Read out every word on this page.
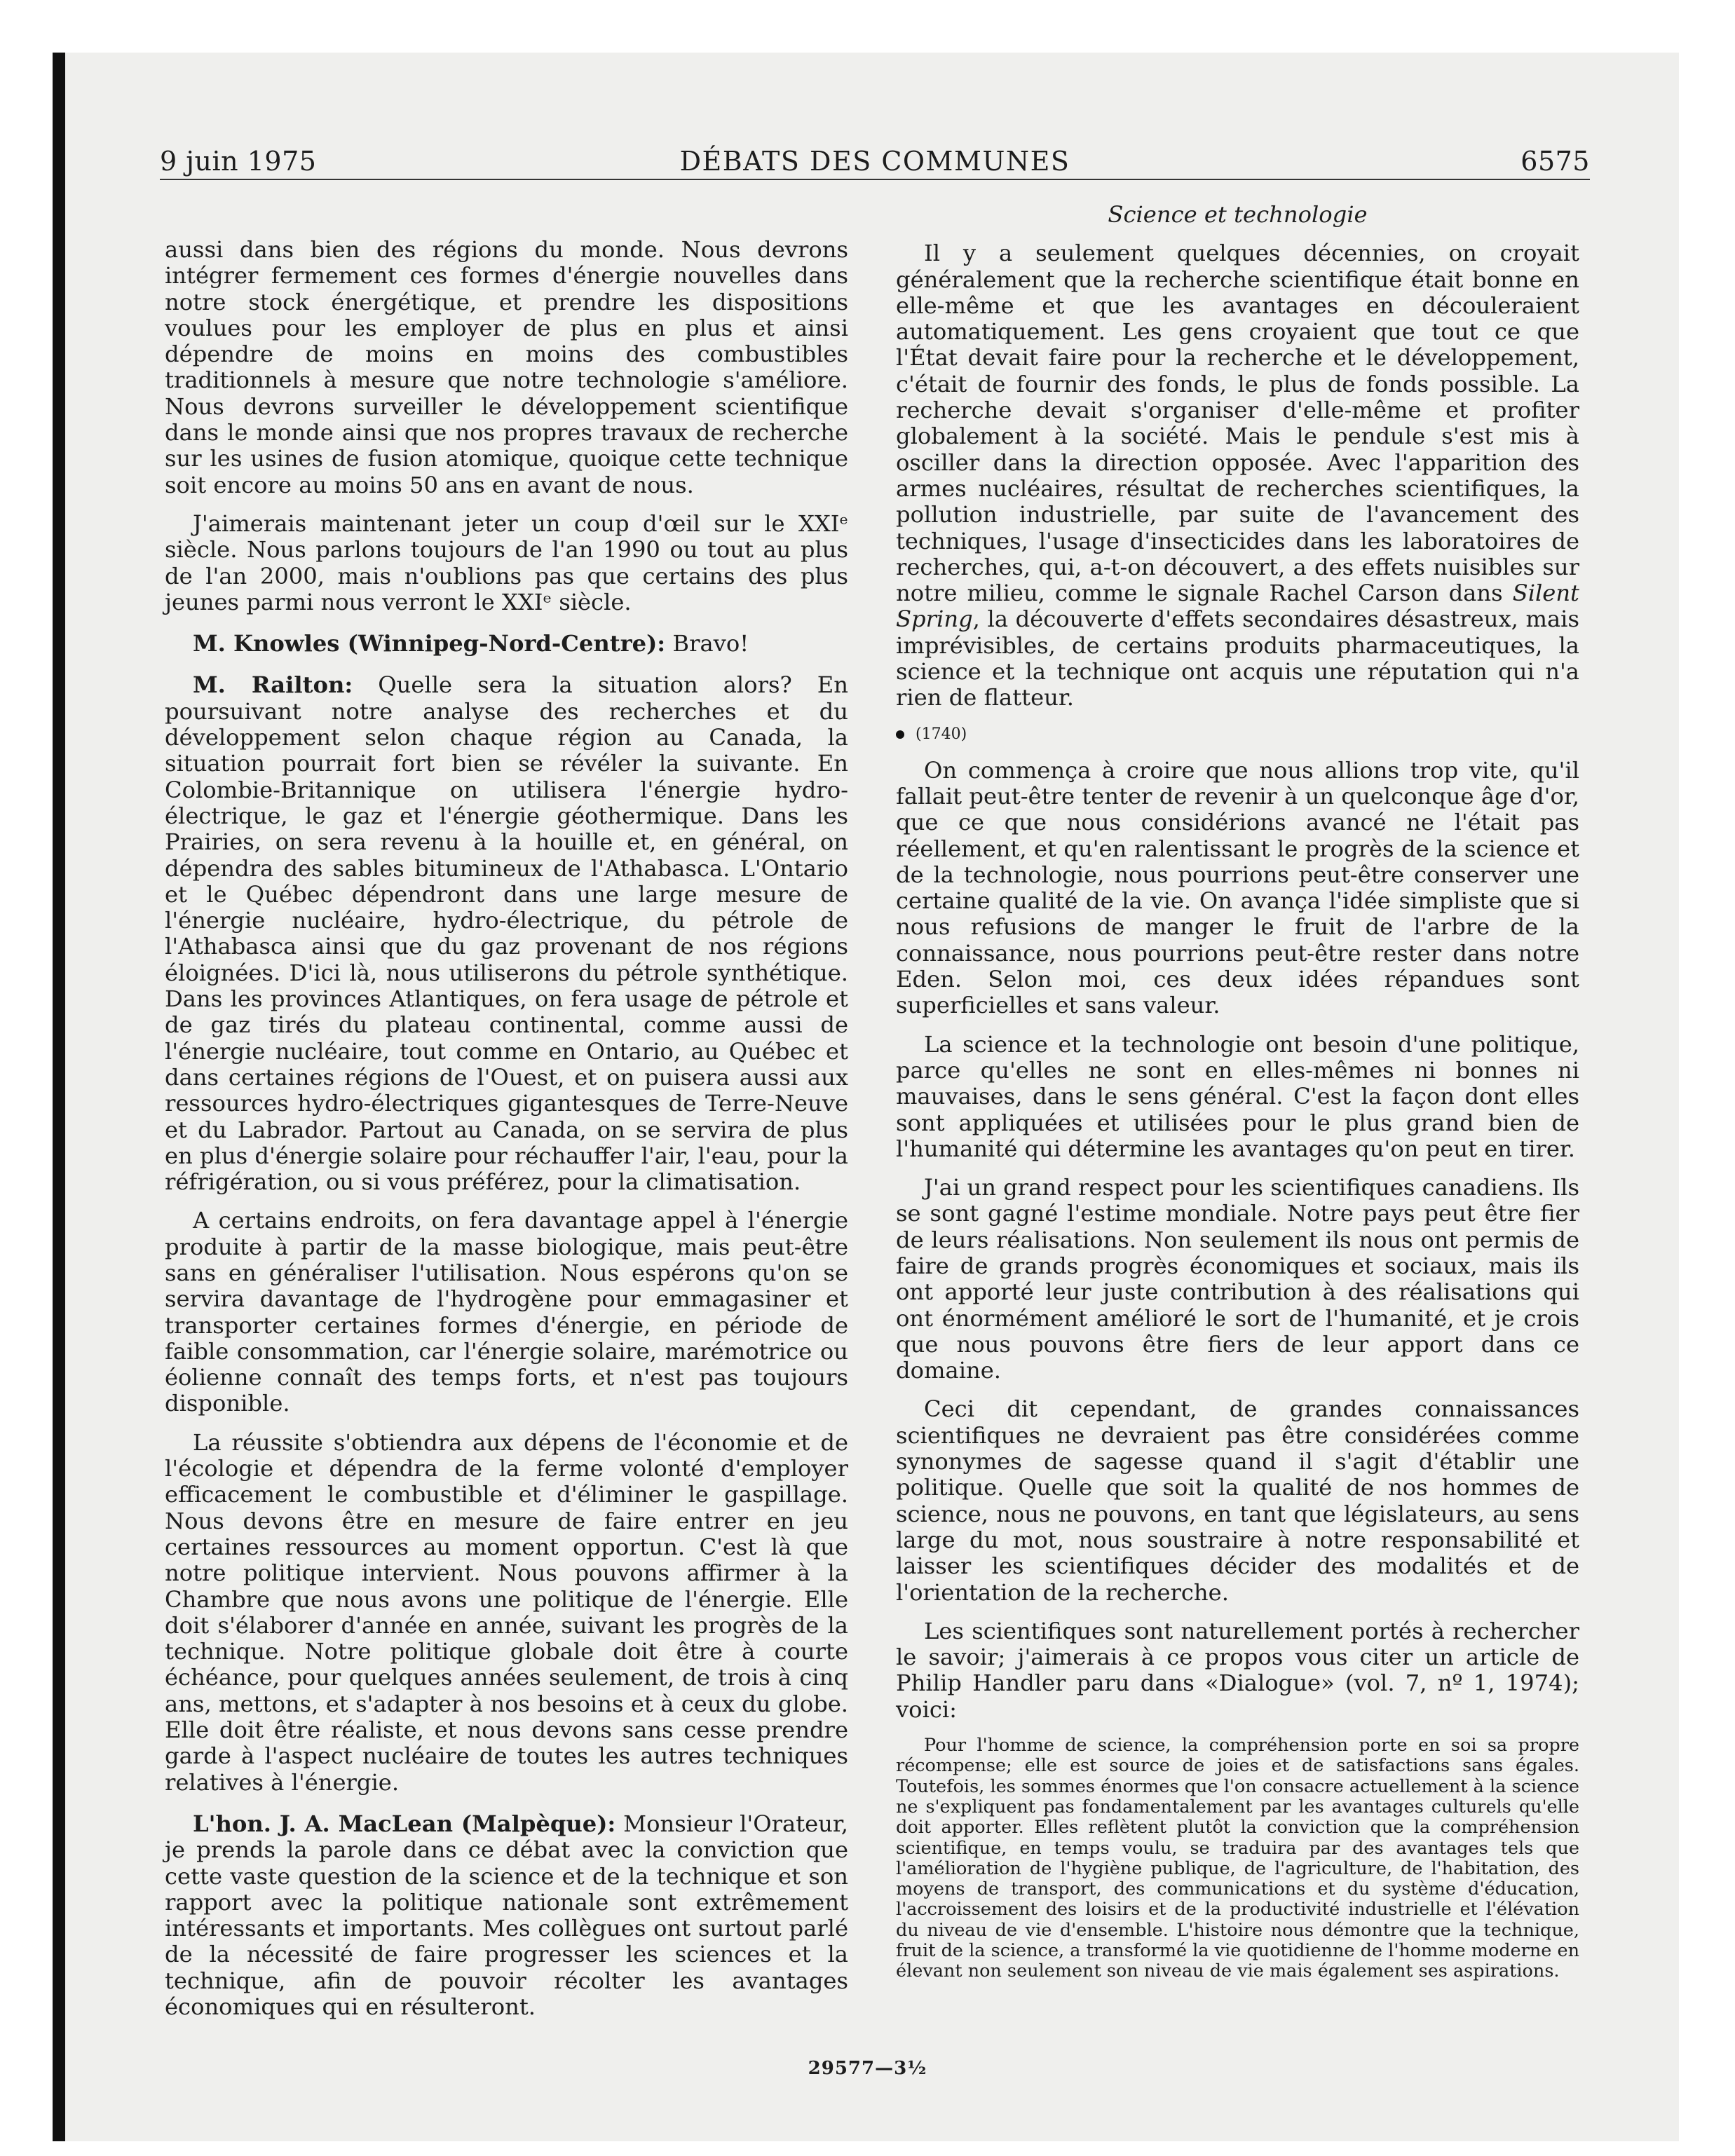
9 juin 1975	DÉBATS DES COMMUNES	6575

aussi dans bien des régions du monde. Nous devrons intégrer fermement ces formes d'énergie nouvelles dans notre stock énergétique, et prendre les dispositions voulues pour les employer de plus en plus et ainsi dépendre de moins en moins des combustibles traditionnels à mesure que notre technologie s'améliore. Nous devrons surveiller le développement scientifique dans le monde ainsi que nos propres travaux de recherche sur les usines de fusion atomique, quoique cette technique soit encore au moins 50 ans en avant de nous.

J'aimerais maintenant jeter un coup d'œil sur le XXIᵉ siècle. Nous parlons toujours de l'an 1990 ou tout au plus de l'an 2000, mais n'oublions pas que certains des plus jeunes parmi nous verront le XXIᵉ siècle.

M. Knowles (Winnipeg-Nord-Centre): Bravo!

M. Railton: Quelle sera la situation alors? En poursuivant notre analyse des recherches et du développement selon chaque région au Canada, la situation pourrait fort bien se révéler la suivante. En Colombie-Britannique on utilisera l'énergie hydro-électrique, le gaz et l'énergie géothermique. Dans les Prairies, on sera revenu à la houille et, en général, on dépendra des sables bitumineux de l'Athabasca. L'Ontario et le Québec dépendront dans une large mesure de l'énergie nucléaire, hydro-électrique, du pétrole de l'Athabasca ainsi que du gaz provenant de nos régions éloignées. D'ici là, nous utiliserons du pétrole synthétique. Dans les provinces Atlantiques, on fera usage de pétrole et de gaz tirés du plateau continental, comme aussi de l'énergie nucléaire, tout comme en Ontario, au Québec et dans certaines régions de l'Ouest, et on puisera aussi aux ressources hydro-électriques gigantesques de Terre-Neuve et du Labrador. Partout au Canada, on se servira de plus en plus d'énergie solaire pour réchauffer l'air, l'eau, pour la réfrigération, ou si vous préférez, pour la climatisation.

A certains endroits, on fera davantage appel à l'énergie produite à partir de la masse biologique, mais peut-être sans en généraliser l'utilisation. Nous espérons qu'on se servira davantage de l'hydrogène pour emmagasiner et transporter certaines formes d'énergie, en période de faible consommation, car l'énergie solaire, marémotrice ou éolienne connaît des temps forts, et n'est pas toujours disponible.

La réussite s'obtiendra aux dépens de l'économie et de l'écologie et dépendra de la ferme volonté d'employer efficacement le combustible et d'éliminer le gaspillage. Nous devons être en mesure de faire entrer en jeu certaines ressources au moment opportun. C'est là que notre politique intervient. Nous pouvons affirmer à la Chambre que nous avons une politique de l'énergie. Elle doit s'élaborer d'année en année, suivant les progrès de la technique. Notre politique globale doit être à courte échéance, pour quelques années seulement, de trois à cinq ans, mettons, et s'adapter à nos besoins et à ceux du globe. Elle doit être réaliste, et nous devons sans cesse prendre garde à l'aspect nucléaire de toutes les autres techniques relatives à l'énergie.

L'hon. J. A. MacLean (Malpèque): Monsieur l'Orateur, je prends la parole dans ce débat avec la conviction que cette vaste question de la science et de la technique et son rapport avec la politique nationale sont extrêmement intéressants et importants. Mes collègues ont surtout parlé de la nécessité de faire progresser les sciences et la technique, afin de pouvoir récolter les avantages économiques qui en résulteront.

Science et technologie

Il y a seulement quelques décennies, on croyait généralement que la recherche scientifique était bonne en elle-même et que les avantages en découleraient automatiquement. Les gens croyaient que tout ce que l'État devait faire pour la recherche et le développement, c'était de fournir des fonds, le plus de fonds possible. La recherche devait s'organiser d'elle-même et profiter globalement à la société. Mais le pendule s'est mis à osciller dans la direction opposée. Avec l'apparition des armes nucléaires, résultat de recherches scientifiques, la pollution industrielle, par suite de l'avancement des techniques, l'usage d'insecticides dans les laboratoires de recherches, qui, a-t-on découvert, a des effets nuisibles sur notre milieu, comme le signale Rachel Carson dans Silent Spring, la découverte d'effets secondaires désastreux, mais imprévisibles, de certains produits pharmaceutiques, la science et la technique ont acquis une réputation qui n'a rien de flatteur.

(1740)

On commença à croire que nous allions trop vite, qu'il fallait peut-être tenter de revenir à un quelconque âge d'or, que ce que nous considérions avancé ne l'était pas réellement, et qu'en ralentissant le progrès de la science et de la technologie, nous pourrions peut-être conserver une certaine qualité de la vie. On avança l'idée simpliste que si nous refusions de manger le fruit de l'arbre de la connaissance, nous pourrions peut-être rester dans notre Eden. Selon moi, ces deux idées répandues sont superficielles et sans valeur.

La science et la technologie ont besoin d'une politique, parce qu'elles ne sont en elles-mêmes ni bonnes ni mauvaises, dans le sens général. C'est la façon dont elles sont appliquées et utilisées pour le plus grand bien de l'humanité qui détermine les avantages qu'on peut en tirer.

J'ai un grand respect pour les scientifiques canadiens. Ils se sont gagné l'estime mondiale. Notre pays peut être fier de leurs réalisations. Non seulement ils nous ont permis de faire de grands progrès économiques et sociaux, mais ils ont apporté leur juste contribution à des réalisations qui ont énormément amélioré le sort de l'humanité, et je crois que nous pouvons être fiers de leur apport dans ce domaine.

Ceci dit cependant, de grandes connaissances scientifiques ne devraient pas être considérées comme synonymes de sagesse quand il s'agit d'établir une politique. Quelle que soit la qualité de nos hommes de science, nous ne pouvons, en tant que législateurs, au sens large du mot, nous soustraire à notre responsabilité et laisser les scientifiques décider des modalités et de l'orientation de la recherche.

Les scientifiques sont naturellement portés à rechercher le savoir; j'aimerais à ce propos vous citer un article de Philip Handler paru dans «Dialogue» (vol. 7, nº 1, 1974); voici:

Pour l'homme de science, la compréhension porte en soi sa propre récompense; elle est source de joies et de satisfactions sans égales. Toutefois, les sommes énormes que l'on consacre actuellement à la science ne s'expliquent pas fondamentalement par les avantages culturels qu'elle doit apporter. Elles reflètent plutôt la conviction que la compréhension scientifique, en temps voulu, se traduira par des avantages tels que l'amélioration de l'hygiène publique, de l'agriculture, de l'habitation, des moyens de transport, des communications et du système d'éducation, l'accroissement des loisirs et de la productivité industrielle et l'élévation du niveau de vie d'ensemble. L'histoire nous démontre que la technique, fruit de la science, a transformé la vie quotidienne de l'homme moderne en élevant non seulement son niveau de vie mais également ses aspirations.

29577—3½
